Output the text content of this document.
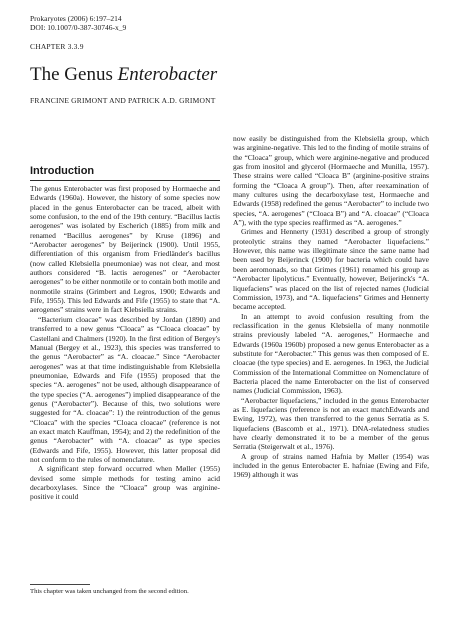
Prokaryotes (2006) 6:197–214
DOI: 10.1007/0-387-30746-x_9
CHAPTER 3.3.9
The Genus Enterobacter
FRANCINE GRIMONT AND PATRICK A.D. GRIMONT
Introduction

The genus Enterobacter was first proposed by Hormaeche and Edwards (1960a). However, the history of some species now placed in the genus Enterobacter can be traced, albeit with some confusion, to the end of the 19th century. “Bacillus lactis aerogenes” was isolated by Escherich (1885) from milk and renamed “Bacillus aerogenes” by Kruse (1896) and “Aerobacter aerogenes” by Beijerinck (1900). Until 1955, differentiation of this organism from Friedländer's bacillus (now called Klebsiella pneumoniae) was not clear, and most authors considered “B. lactis aerogenes” or “Aerobacter aerogenes” to be either nonmotile or to contain both motile and nonmotile strains (Grimbert and Legros, 1900; Edwards and Fife, 1955). This led Edwards and Fife (1955) to state that “A. aerogenes” strains were in fact Klebsiella strains.

“Bacterium cloacae” was described by Jordan (1890) and transferred to a new genus “Cloaca” as “Cloaca cloacae” by Castellani and Chalmers (1920). In the first edition of Bergey's Manual (Bergey et al., 1923), this species was transferred to the genus “Aerobacter” as “A. cloacae.” Since “Aerobacter aerogenes” was at that time indistinguishable from Klebsiella pneumoniae, Edwards and Fife (1955) proposed that the species “A. aerogenes” not be used, although disappearance of the type species (“A. aerogenes”) implied disappearance of the genus (“Aerobacter”). Because of this, two solutions were suggested for “A. cloacae”: 1) the reintroduction of the genus “Cloaca” with the species “Cloaca cloacae” (reference is not an exact match Kauffman, 1954); and 2) the redefinition of the genus “Aerobacter” with “A. cloacae” as type species (Edwards and Fife, 1955). However, this latter proposal did not conform to the rules of nomenclature.

A significant step forward occurred when Møller (1955) devised some simple methods for testing amino acid decarboxylases. Since the “Cloaca” group was arginine-positive it could

now easily be distinguished from the Klebsiella group, which was arginine-negative. This led to the finding of motile strains of the “Cloaca” group, which were arginine-negative and produced gas from inositol and glycerol (Hormaeche and Munilla, 1957). These strains were called “Cloaca B” (arginine-positive strains forming the “Cloaca A group”). Then, after reexamination of many cultures using the decarboxylase test, Hormaeche and Edwards (1958) redefined the genus “Aerobacter” to include two species, “A. aerogenes” (“Cloaca B”) and “A. cloacae” (“Cloaca A”), with the type species reaffirmed as “A. aerogenes.”

Grimes and Hennerty (1931) described a group of strongly proteolytic strains they named “Aerobacter liquefaciens.” However, this name was illegitimate since the same name had been used by Beijerinck (1900) for bacteria which could have been aeromonads, so that Grimes (1961) renamed his group as “Aerobacter lipolyticus.” Eventually, however, Beijerinck's “A. liquefaciens” was placed on the list of rejected names (Judicial Commission, 1973), and “A. liquefaciens” Grimes and Hennerty became accepted.

In an attempt to avoid confusion resulting from the reclassification in the genus Klebsiella of many nonmotile strains previously labeled “A. aerogenes,” Hormaeche and Edwards (1960a 1960b) proposed a new genus Enterobacter as a substitute for “Aerobacter.” This genus was then composed of E. cloacae (the type species) and E. aerogenes. In 1963, the Judicial Commission of the International Committee on Nomenclature of Bacteria placed the name Enterobacter on the list of conserved names (Judicial Commission, 1963).

“Aerobacter liquefaciens,” included in the genus Enterobacter as E. liquefaciens (reference is not an exact matchEdwards and Ewing, 1972), was then transferred to the genus Serratia as S. liquefaciens (Bascomb et al., 1971). DNA-relatedness studies have clearly demonstrated it to be a member of the genus Serratia (Steigerwalt et al., 1976).

A group of strains named Hafnia by Møller (1954) was included in the genus Enterobacter E. hafniae (Ewing and Fife, 1969) although it was

This chapter was taken unchanged from the second edition.
